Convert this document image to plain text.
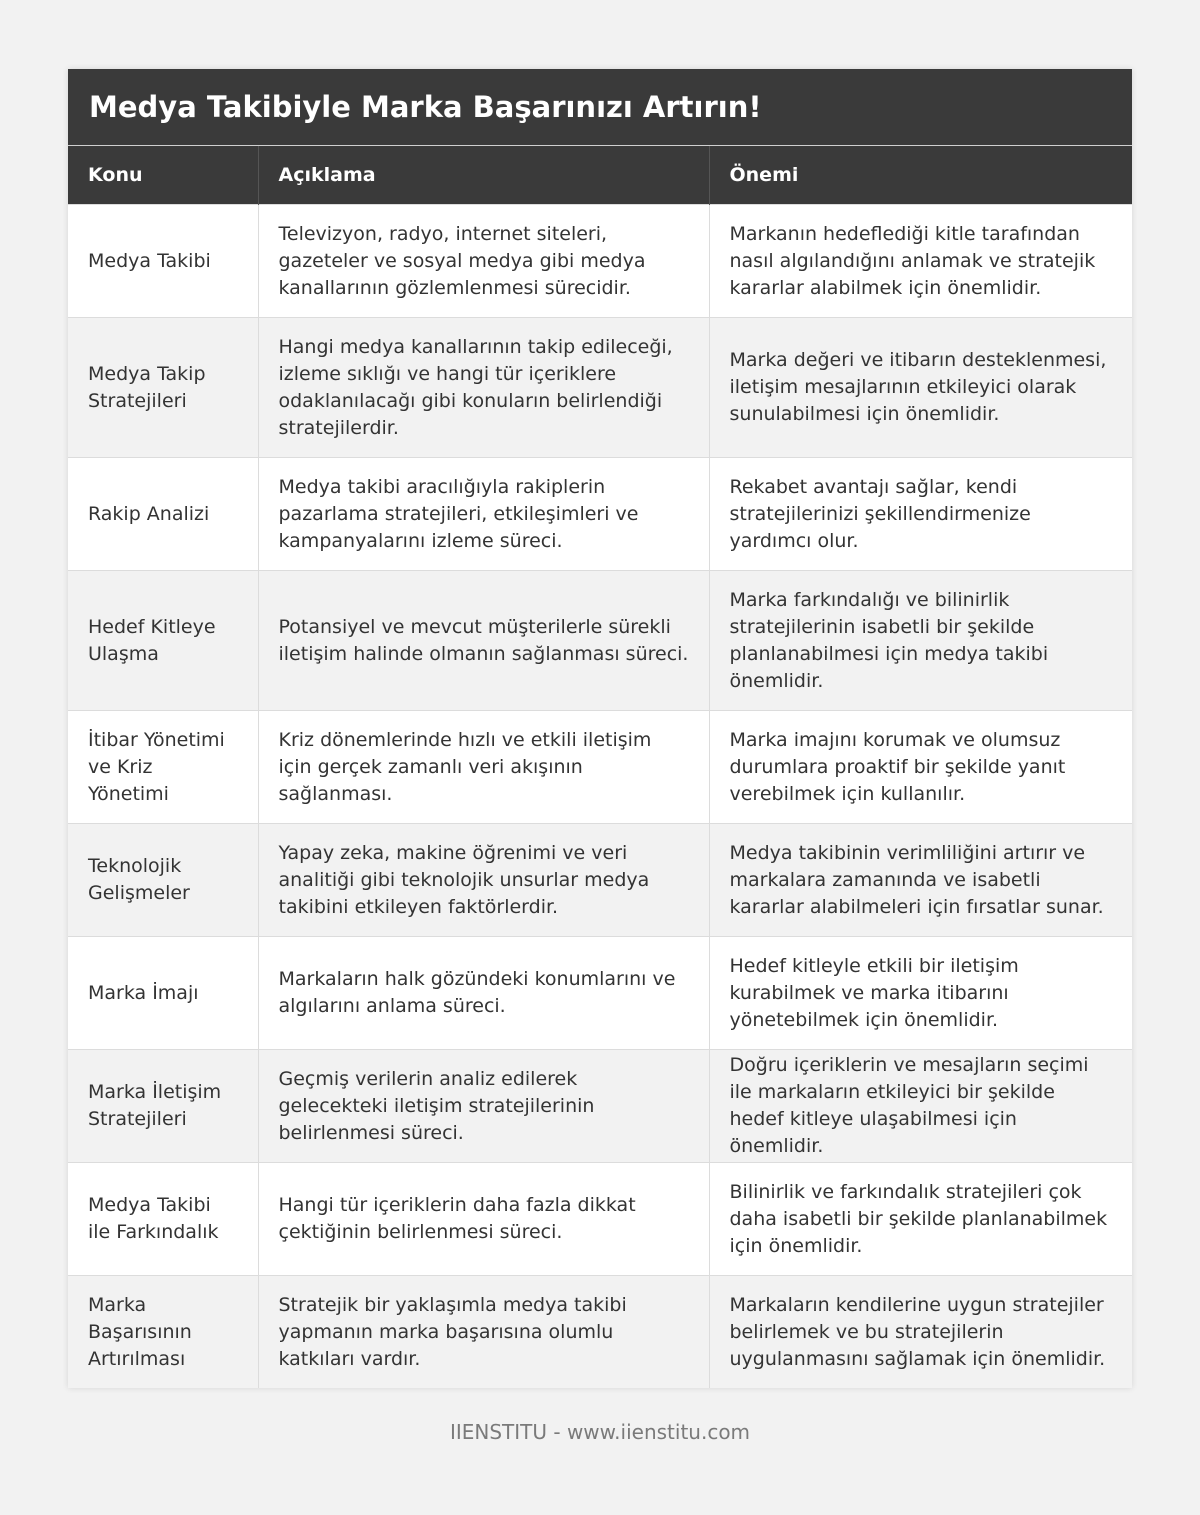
Medya Takibiyle Marka Başarınızı Artırın!
Konu	Açıklama	Önemi
Medya Takibi	Televizyon, radyo, internet siteleri, gazeteler ve sosyal medya gibi medya kanallarının gözlemlenmesi sürecidir.	Markanın hedeflediği kitle tarafından nasıl algılandığını anlamak ve stratejik kararlar alabilmek için önemlidir.
Medya Takip Stratejileri	Hangi medya kanallarının takip edileceği, izleme sıklığı ve hangi tür içeriklere odaklanılacağı gibi konuların belirlendiği stratejilerdir.	Marka değeri ve itibarın desteklenmesi, iletişim mesajlarının etkileyici olarak sunulabilmesi için önemlidir.
Rakip Analizi	Medya takibi aracılığıyla rakiplerin pazarlama stratejileri, etkileşimleri ve kampanyalarını izleme süreci.	Rekabet avantajı sağlar, kendi stratejilerinizi şekillendirmenize yardımcı olur.
Hedef Kitleye Ulaşma	Potansiyel ve mevcut müşterilerle sürekli iletişim halinde olmanın sağlanması süreci.	Marka farkındalığı ve bilinirlik stratejilerinin isabetli bir şekilde planlanabilmesi için medya takibi önemlidir.
İtibar Yönetimi ve Kriz Yönetimi	Kriz dönemlerinde hızlı ve etkili iletişim için gerçek zamanlı veri akışının sağlanması.	Marka imajını korumak ve olumsuz durumlara proaktif bir şekilde yanıt verebilmek için kullanılır.
Teknolojik Gelişmeler	Yapay zeka, makine öğrenimi ve veri analitiği gibi teknolojik unsurlar medya takibini etkileyen faktörlerdir.	Medya takibinin verimliliğini artırır ve markalara zamanında ve isabetli kararlar alabilmeleri için fırsatlar sunar.
Marka İmajı	Markaların halk gözündeki konumlarını ve algılarını anlama süreci.	Hedef kitleyle etkili bir iletişim kurabilmek ve marka itibarını yönetebilmek için önemlidir.
Marka İletişim Stratejileri	Geçmiş verilerin analiz edilerek gelecekteki iletişim stratejilerinin belirlenmesi süreci.	Doğru içeriklerin ve mesajların seçimi ile markaların etkileyici bir şekilde hedef kitleye ulaşabilmesi için önemlidir.
Medya Takibi ile Farkındalık	Hangi tür içeriklerin daha fazla dikkat çektiğinin belirlenmesi süreci.	Bilinirlik ve farkındalık stratejileri çok daha isabetli bir şekilde planlanabilmek için önemlidir.
Marka Başarısının Artırılması	Stratejik bir yaklaşımla medya takibi yapmanın marka başarısına olumlu katkıları vardır.	Markaların kendilerine uygun stratejiler belirlemek ve bu stratejilerin uygulanmasını sağlamak için önemlidir.
IIENSTITU - www.iienstitu.com
